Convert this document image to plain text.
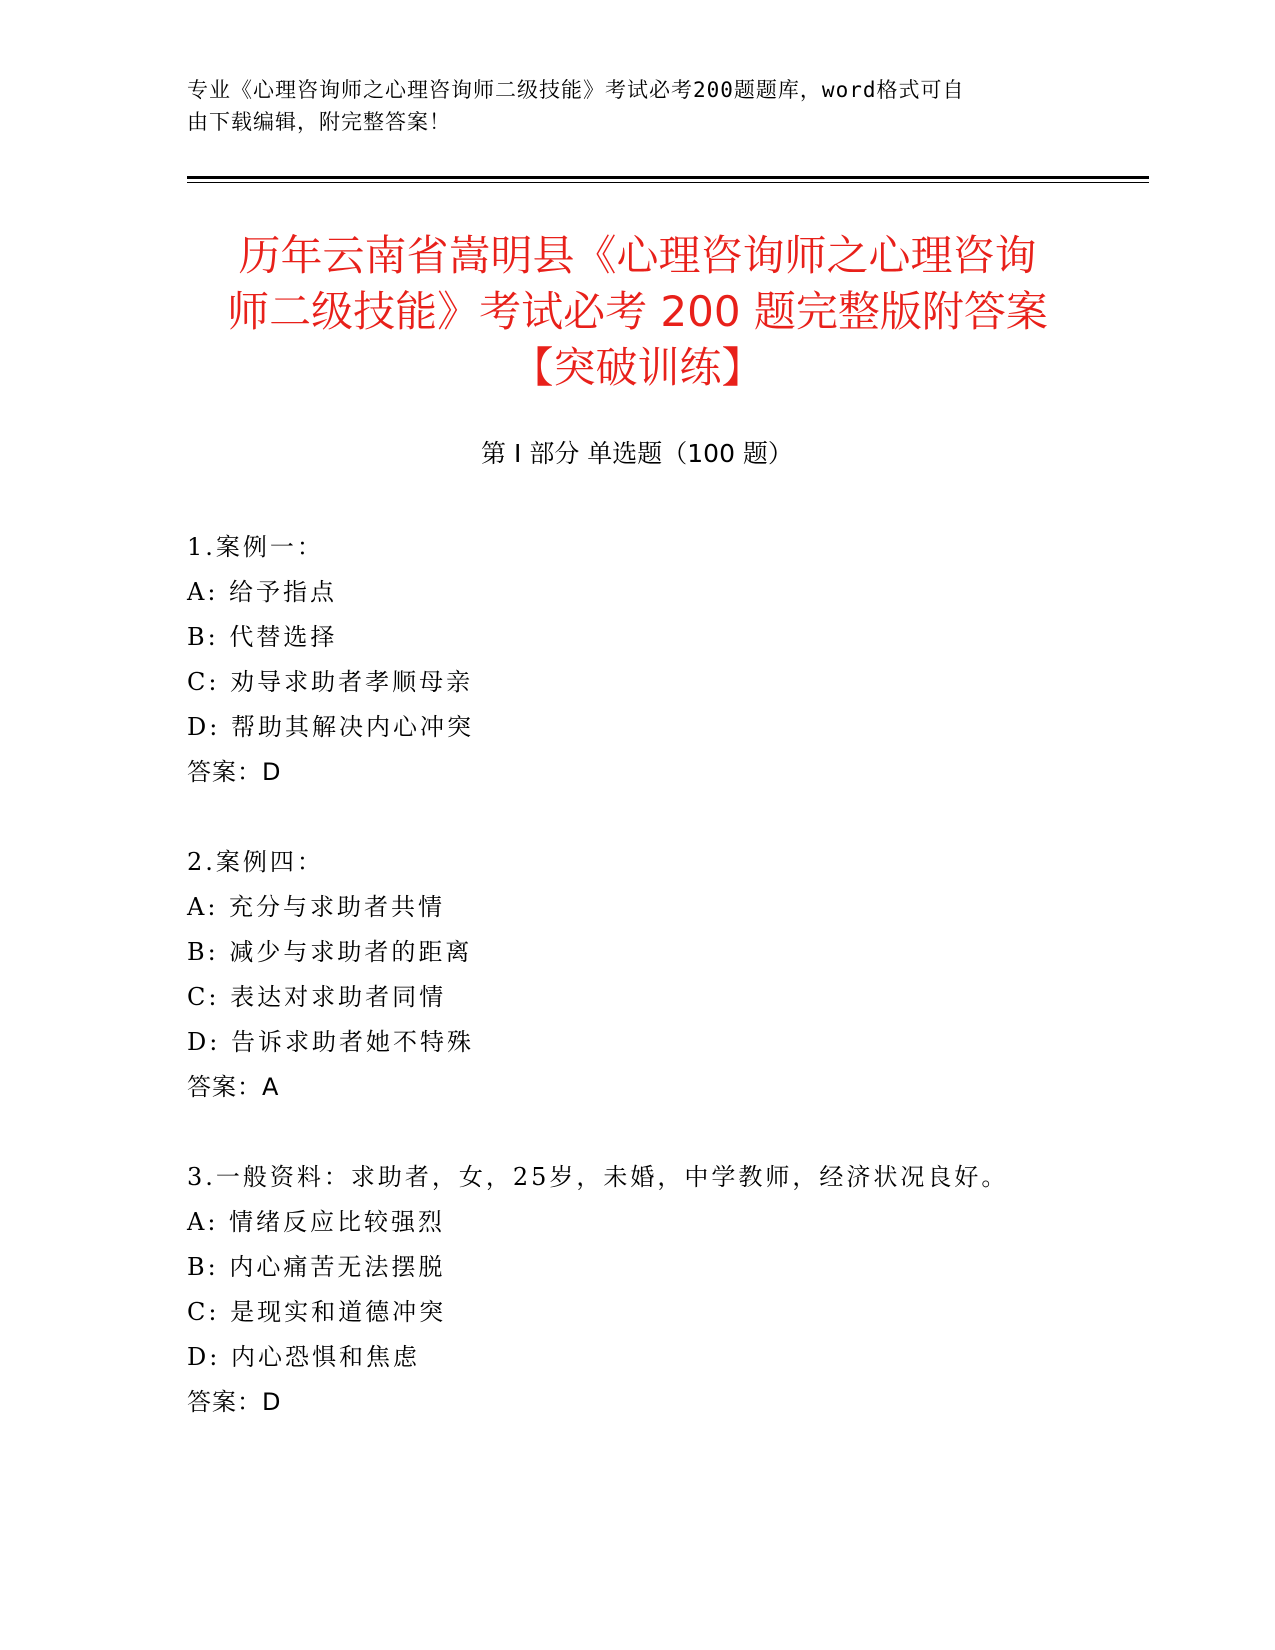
专业《心理咨询师之心理咨询师二级技能》考试必考200题题库，word格式可自
由下载编辑，附完整答案！
历年云南省嵩明县《心理咨询师之心理咨询
师二级技能》考试必考 200 题完整版附答案
【突破训练】
第 I 部分 单选题（100 题）
1.案例一：
A: 给予指点
B: 代替选择
C: 劝导求助者孝顺母亲
D: 帮助其解决内心冲突
答案：D
2.案例四：
A: 充分与求助者共情
B: 减少与求助者的距离
C: 表达对求助者同情
D: 告诉求助者她不特殊
答案：A
3.一般资料：求助者，女，25岁，未婚，中学教师，经济状况良好。
A: 情绪反应比较强烈
B: 内心痛苦无法摆脱
C: 是现实和道德冲突
D: 内心恐惧和焦虑
答案：D
